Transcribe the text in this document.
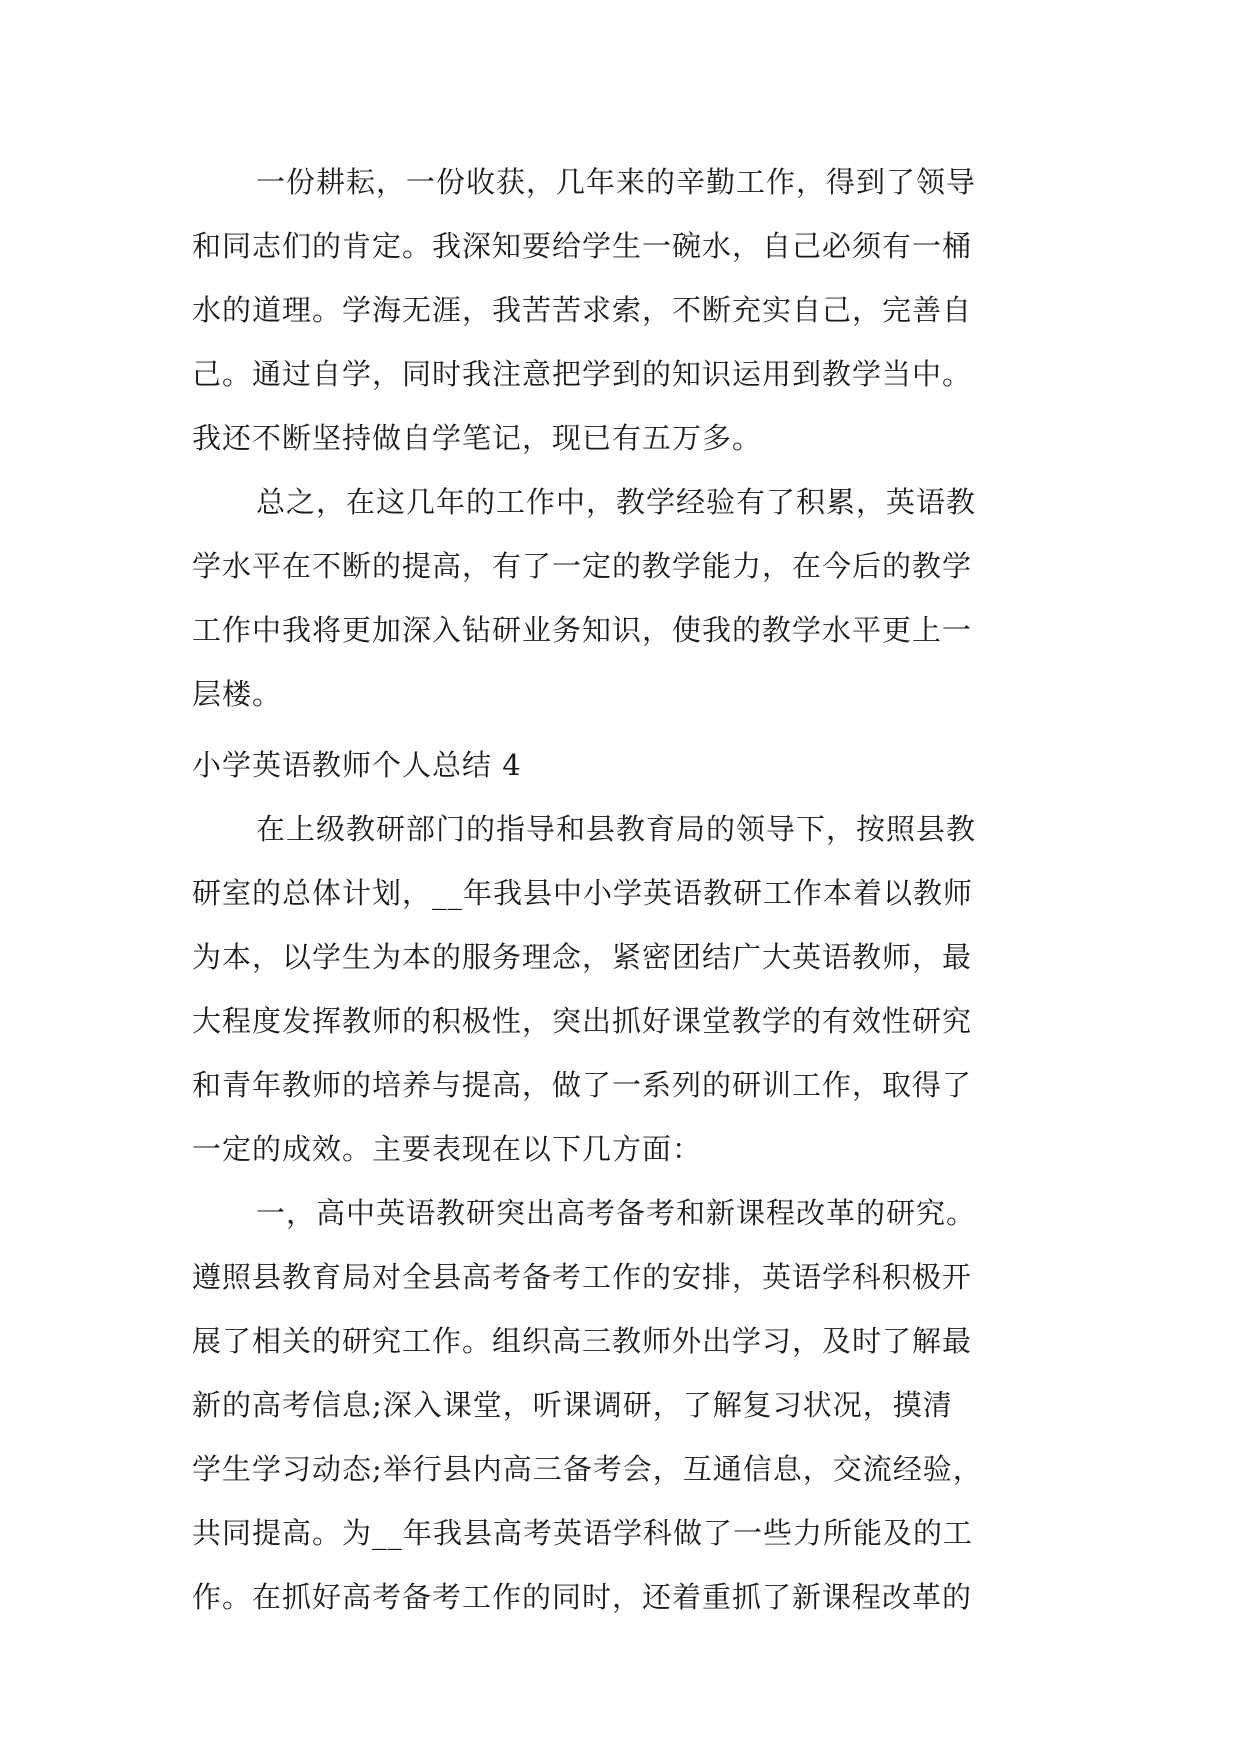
一份耕耘，一份收获，几年来的辛勤工作，得到了领导
和同志们的肯定。我深知要给学生一碗水，自己必须有一桶
水的道理。学海无涯，我苦苦求索，不断充实自己，完善自
己。通过自学，同时我注意把学到的知识运用到教学当中。
我还不断坚持做自学笔记，现已有五万多。
总之，在这几年的工作中，教学经验有了积累，英语教
学水平在不断的提高，有了一定的教学能力，在今后的教学
工作中我将更加深入钻研业务知识，使我的教学水平更上一
层楼。
小学英语教师个人总结 4
在上级教研部门的指导和县教育局的领导下，按照县教
研室的总体计划，__年我县中小学英语教研工作本着以教师
为本，以学生为本的服务理念，紧密团结广大英语教师，最
大程度发挥教师的积极性，突出抓好课堂教学的有效性研究
和青年教师的培养与提高，做了一系列的研训工作，取得了
一定的成效。主要表现在以下几方面：
一，高中英语教研突出高考备考和新课程改革的研究。
遵照县教育局对全县高考备考工作的安排，英语学科积极开
展了相关的研究工作。组织高三教师外出学习，及时了解最
新的高考信息;深入课堂，听课调研，了解复习状况，摸清
学生学习动态;举行县内高三备考会，互通信息，交流经验，
共同提高。为__年我县高考英语学科做了一些力所能及的工
作。在抓好高考备考工作的同时，还着重抓了新课程改革的
